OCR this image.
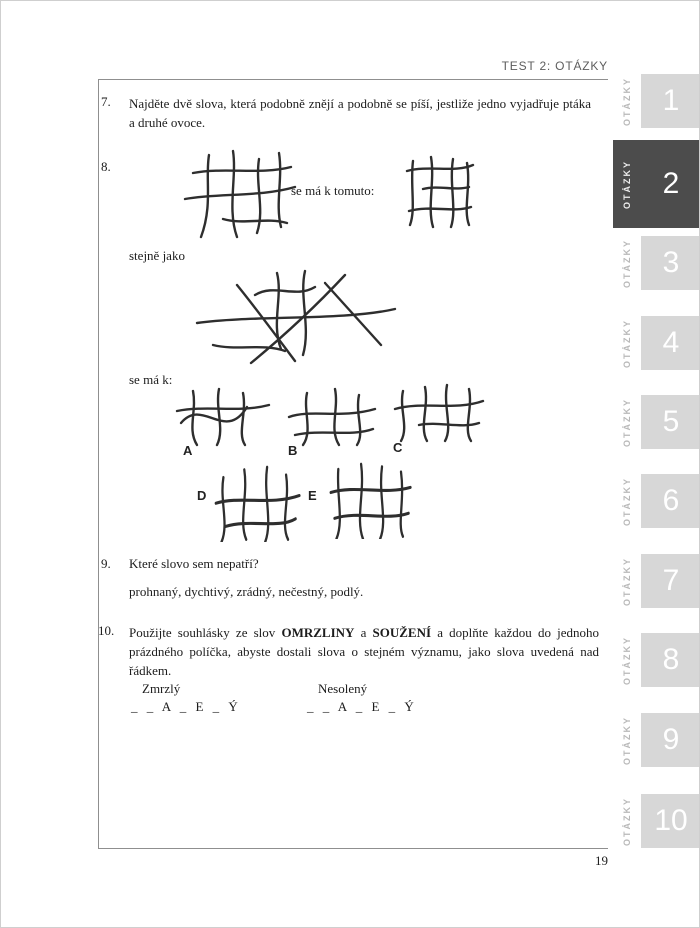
TEST 2: OTÁZKY
7.	Najděte dvě slova, která podobně znějí a podobně se píší, jestliže jedno vyjadřuje ptáka a druhé ovoce.
8.
se má k tomuto:
stejně jako
se má k:
A	B	C
D	E
9.	Které slovo sem nepatří?
prohnaný, dychtivý, zrádný, nečestný, podlý.
10.	Použijte souhlásky ze slov OMRZLINY a SOUŽENÍ a doplňte každou do jednoho prázdného políčka, abyste dostali slova o stejném významu, jako slova uvedená nad řádkem.
Zmrzlý	Nesolený
_ _ A _ E _ Ý	_ _ A _ E _ Ý
19
OTÁZKY	1
OTÁZKY	2
OTÁZKY	3
OTÁZKY	4
OTÁZKY	5
OTÁZKY	6
OTÁZKY	7
OTÁZKY	8
OTÁZKY	9
OTÁZKY 10
